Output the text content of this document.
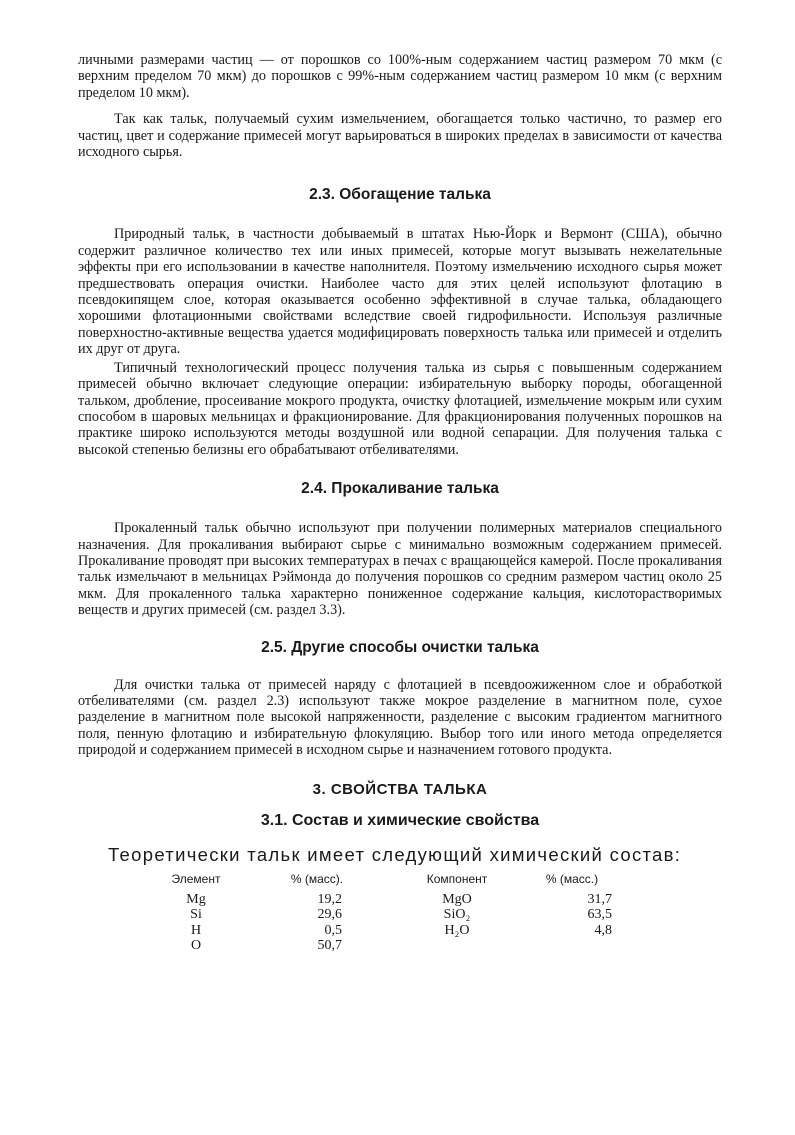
личными размерами частиц — от порошков со 100%-ным содержанием частиц размером 70 мкм (с верхним пределом 70 мкм) до порошков с 99%-ным содержанием частиц размером 10 мкм (с верхним пределом 10 мкм).

Так как тальк, получаемый сухим измельчением, обогащается только частично, то размер его частиц, цвет и содержание примесей могут варьироваться в широких пределах в зависимости от качества исходного сырья.

2.3. Обогащение талька

Природный тальк, в частности добываемый в штатах Нью-Йорк и Вермонт (США), обычно содержит различное количество тех или иных примесей, которые могут вызывать нежелательные эффекты при его использовании в качестве наполнителя. Поэтому измельчению исходного сырья может предшествовать операция очистки. Наиболее часто для этих целей используют флотацию в псевдокипящем слое, которая оказывается особенно эффективной в случае талька, обладающего хорошими флотационными свойствами вследствие своей гидрофильности. Используя различные поверхностно-активные вещества удается модифицировать поверхность талька или примесей и отделить их друг от друга.

Типичный технологический процесс получения талька из сырья с повышенным содержанием примесей обычно включает следующие операции: избирательную выборку породы, обогащенной тальком, дробление, просеивание мокрого продукта, очистку флотацией, измельчение мокрым или сухим способом в шаровых мельницах и фракционирование. Для фракционирования полученных порошков на практике широко используются методы воздушной или водной сепарации. Для получения талька с высокой степенью белизны его обрабатывают отбеливателями.

2.4. Прокаливание талька

Прокаленный тальк обычно используют при получении полимерных материалов специального назначения. Для прокаливания выбирают сырье с минимально возможным содержанием примесей. Прокаливание проводят при высоких температурах в печах с вращающейся камерой. После прокаливания тальк измельчают в мельницах Рэймонда до получения порошков со средним размером частиц около 25 мкм. Для прокаленного талька характерно пониженное содержание кальция, кислоторастворимых веществ и других примесей (см. раздел 3.3).

2.5. Другие способы очистки талька

Для очистки талька от примесей наряду с флотацией в псевдоожиженном слое и обработкой отбеливателями (см. раздел 2.3) используют также мокрое разделение в магнитном поле, сухое разделение в магнитном поле высокой напряженности, разделение с высоким градиентом магнитного поля, пенную флотацию и избирательную флокуляцию. Выбор того или иного метода определяется природой и содержанием примесей в исходном сырье и назначением готового продукта.

3. СВОЙСТВА ТАЛЬКА
3.1. Состав и химические свойства

Теоретически тальк имеет следующий химический состав:

Элемент	% (масс).	Компонент	% (масс.)
Mg	19,2	MgO	31,7
Si	29,6	SiO₂	63,5
H	0,5	H₂O	4,8
O	50,7		
